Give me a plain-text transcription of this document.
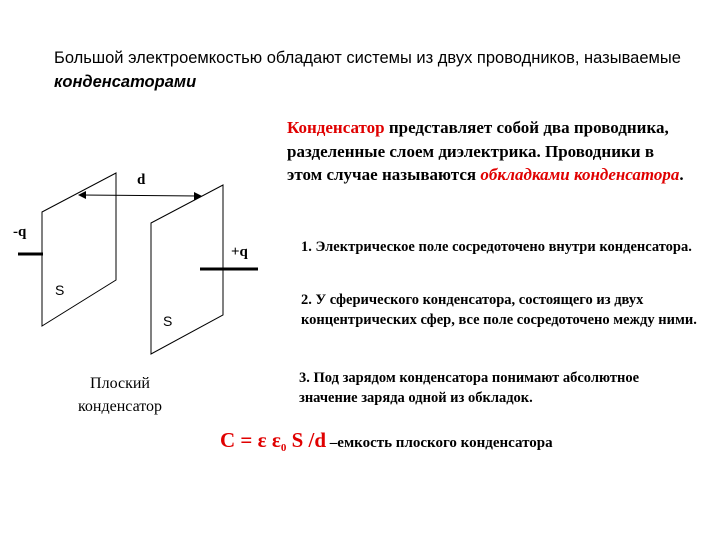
Большой электроемкостью обладают системы из двух проводников, называемые конденсаторами
Конденсатор представляет собой два проводника, разделенные слоем диэлектрика. Проводники в этом случае называются обкладками конденсатора.
1. Электрическое поле сосредоточено внутри конденсатора.
2. У сферического конденсатора, состоящего из двух концентрических сфер, все поле сосредоточено между ними.
3. Под зарядом конденсатора понимают абсолютное значение заряда одной из обкладок.
d
-q
+q
S
S
Плоский
конденсатор
C = ε $\varepsilon_0$ S /d –емкость плоского конденсатора
